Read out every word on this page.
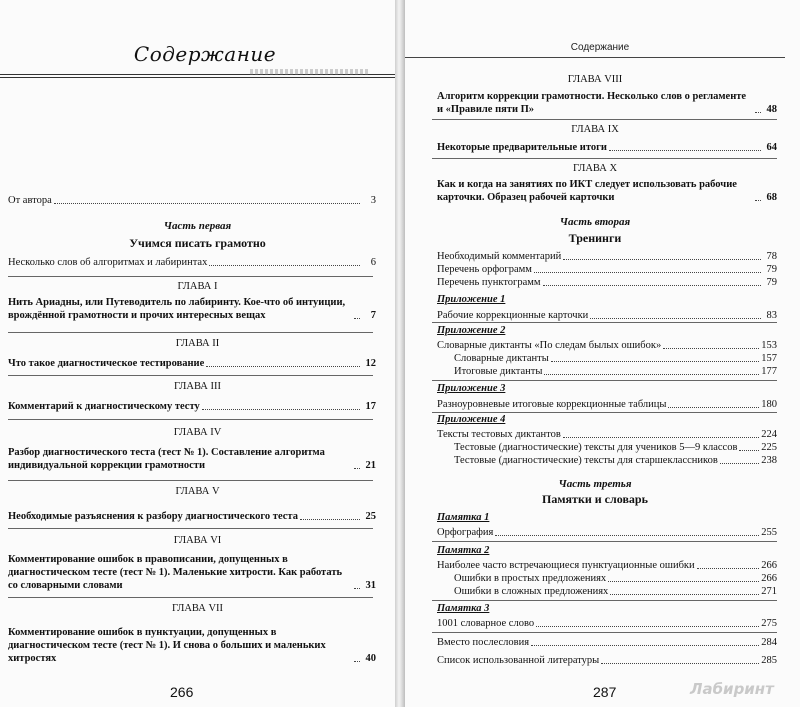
Содержание
От автора	3
Часть первая
Учимся писать грамотно
Несколько слов об алгоритмах и лабиринтах	6
ГЛАВА I
Нить Ариадны, или Путеводитель по лабиринту. Кое-что об интуиции, врождённой грамотности и прочих интересных вещах	7
ГЛАВА II
Что такое диагностическое тестирование	12
ГЛАВА III
Комментарий к диагностическому тесту	17
ГЛАВА IV
Разбор диагностического теста (тест № 1). Составление алгоритма индивидуальной коррекции грамотности	21
ГЛАВА V
Необходимые разъяснения к разбору диагностического теста	25
ГЛАВА VI
Комментирование ошибок в правописании, допущенных в диагностическом тесте (тест № 1). Маленькие хитрости. Как работать со словарными словами	31
ГЛАВА VII
Комментирование ошибок в пунктуации, допущенных в диагностическом тесте (тест № 1). И снова о больших и маленьких хитростях	40
266
Содержание
ГЛАВА VIII
Алгоритм коррекции грамотности. Несколько слов о регламенте и «Правиле пяти П»	48
ГЛАВА IX
Некоторые предварительные итоги	64
ГЛАВА X
Как и когда на занятиях по ИКТ следует использовать рабочие карточки. Образец рабочей карточки	68
Часть вторая
Тренинги
Необходимый комментарий	78
Перечень орфограмм	79
Перечень пунктограмм	79
Приложение 1
Рабочие коррекционные карточки	83
Приложение 2
Словарные диктанты «По следам былых ошибок»	153
Словарные диктанты	157
Итоговые диктанты	177
Приложение 3
Разноуровневые итоговые коррекционные таблицы	180
Приложение 4
Тексты тестовых диктантов	224
Тестовые (диагностические) тексты для учеников 5—9 классов 225
Тестовые (диагностические) тексты для старшеклассников	238
Часть третья
Памятки и словарь
Памятка 1
Орфография	255
Памятка 2
Наиболее часто встречающиеся пунктуационные ошибки	266
Ошибки в простых предложениях	266
Ошибки в сложных предложениях	271
Памятка 3
1001 словарное слово	275
Вместо послесловия	284
Список использованной литературы	285
287	Лабиринт
